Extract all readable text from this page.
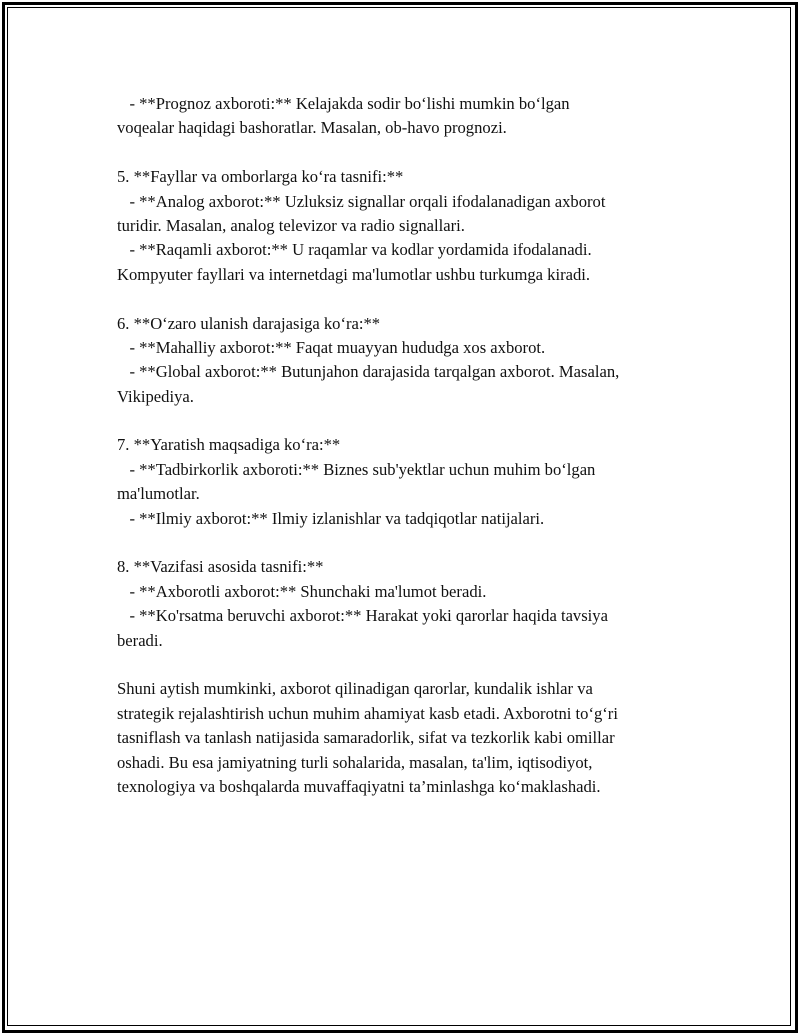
- **Prognoz axboroti:** Kelajakda sodir bo‘lishi mumkin bo‘lgan
voqealar haqidagi bashoratlar. Masalan, ob-havo prognozi.
5. **Fayllar va omborlarga ko‘ra tasnifi:**
- **Analog axborot:** Uzluksiz signallar orqali ifodalanadigan axborot
turidir. Masalan, analog televizor va radio signallari.
- **Raqamli axborot:** U raqamlar va kodlar yordamida ifodalanadi.
Kompyuter fayllari va internetdagi ma'lumotlar ushbu turkumga kiradi.
6. **O‘zaro ulanish darajasiga ko‘ra:**
- **Mahalliy axborot:** Faqat muayyan hududga xos axborot.
- **Global axborot:** Butunjahon darajasida tarqalgan axborot. Masalan,
Vikipediya.
7. **Yaratish maqsadiga ko‘ra:**
- **Tadbirkorlik axboroti:** Biznes sub'yektlar uchun muhim bo‘lgan
ma'lumotlar.
- **Ilmiy axborot:** Ilmiy izlanishlar va tadqiqotlar natijalari.
8. **Vazifasi asosida tasnifi:**
- **Axborotli axborot:** Shunchaki ma'lumot beradi.
- **Ko'rsatma beruvchi axborot:** Harakat yoki qarorlar haqida tavsiya
beradi.
Shuni aytish mumkinki, axborot qilinadigan qarorlar, kundalik ishlar va
strategik rejalashtirish uchun muhim ahamiyat kasb etadi. Axborotni to‘g‘ri
tasniflash va tanlash natijasida samaradorlik, sifat va tezkorlik kabi omillar
oshadi. Bu esa jamiyatning turli sohalarida, masalan, ta'lim, iqtisodiyot,
texnologiya va boshqalarda muvaffaqiyatni ta’minlashga ko‘maklashadi.
